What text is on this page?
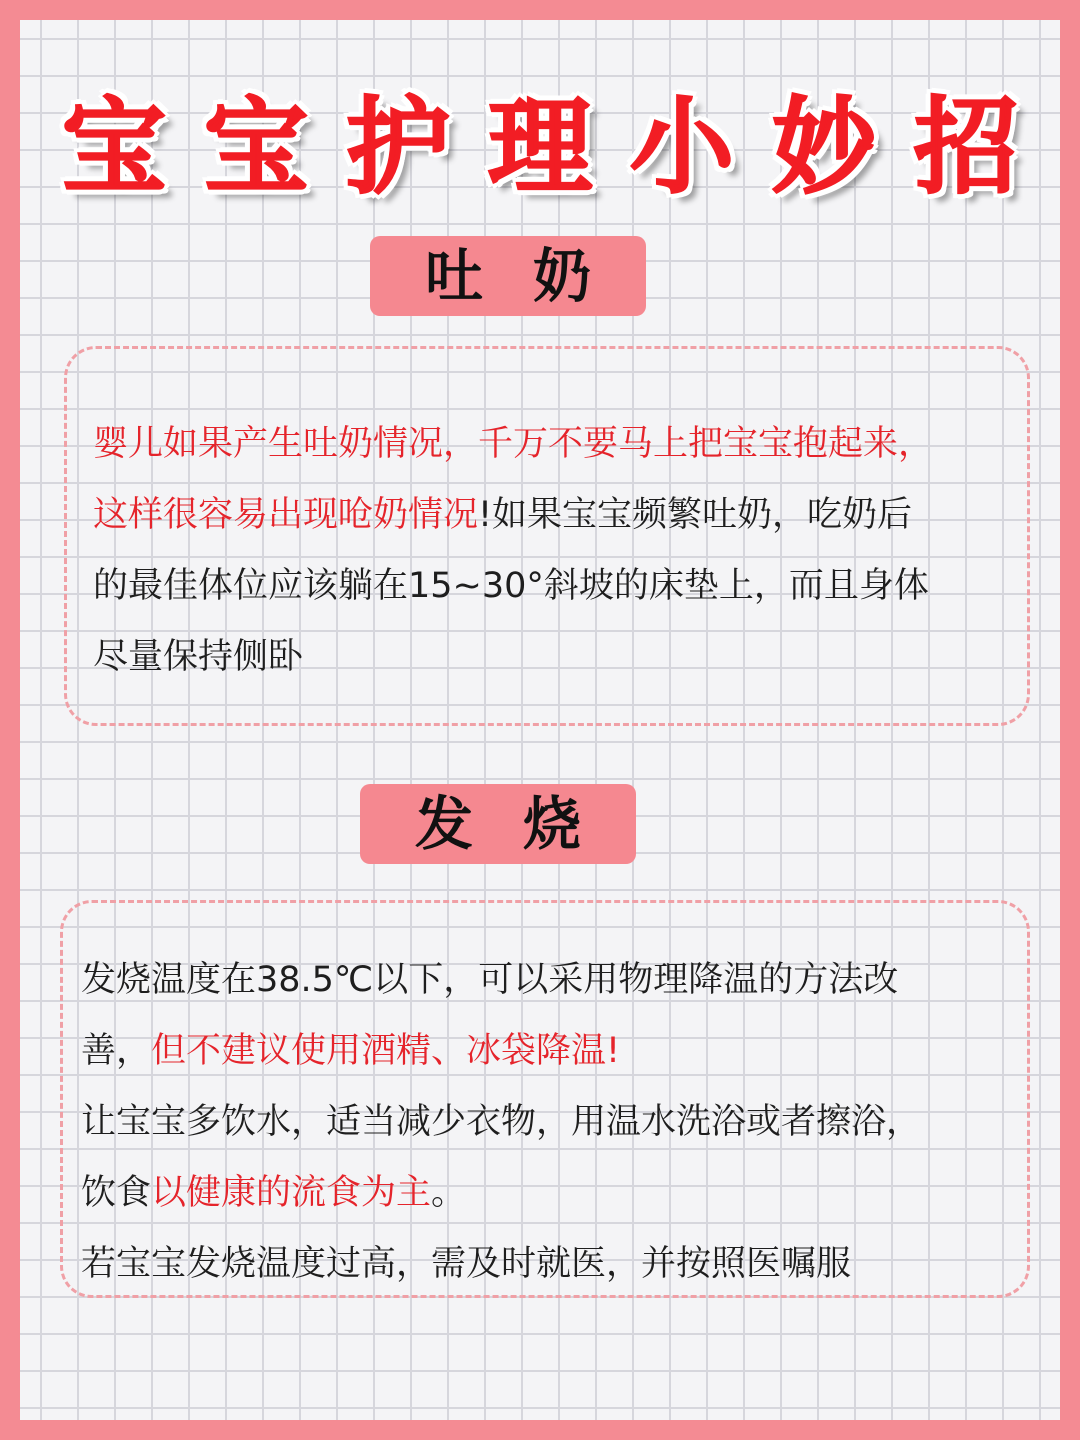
宝宝护理小妙招
吐奶

婴儿如果产生吐奶情况，千万不要马上把宝宝抱起来，

这样很容易出现呛奶情况!如果宝宝频繁吐奶，吃奶后

的最佳体位应该躺在15~30°斜坡的床垫上，而且身体

尽量保持侧卧

发烧

发烧温度在38.5℃以下，可以采用物理降温的方法改

善，但不建议使用酒精、冰袋降温!

让宝宝多饮水，适当减少衣物，用温水洗浴或者擦浴，

饮食以健康的流食为主。

若宝宝发烧温度过高，需及时就医，并按照医嘱服
